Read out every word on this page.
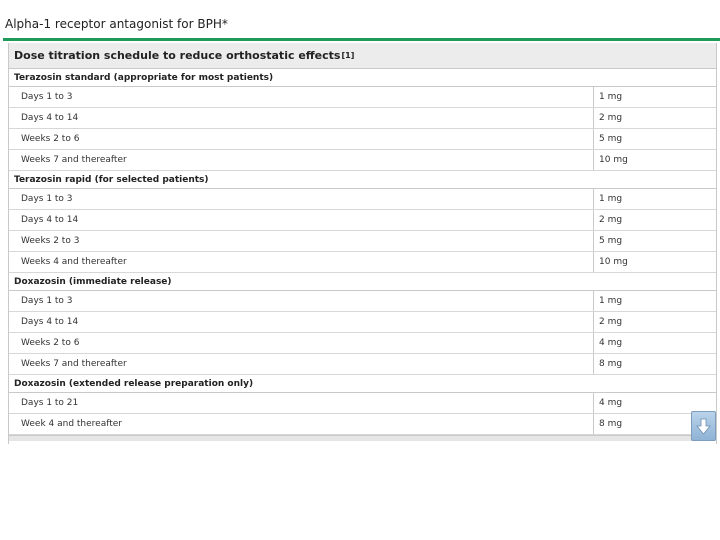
Alpha-1 receptor antagonist for BPH*
Dose titration schedule to reduce orthostatic effects [1]
Terazosin standard (appropriate for most patients)
Days 1 to 3	1 mg
Days 4 to 14	2 mg
Weeks 2 to 6	5 mg
Weeks 7 and thereafter	10 mg
Terazosin rapid (for selected patients)
Days 1 to 3	1 mg
Days 4 to 14	2 mg
Weeks 2 to 3	5 mg
Weeks 4 and thereafter	10 mg
Doxazosin (immediate release)
Days 1 to 3	1 mg
Days 4 to 14	2 mg
Weeks 2 to 6	4 mg
Weeks 7 and thereafter	8 mg
Doxazosin (extended release preparation only)
Days 1 to 21	4 mg
Week 4 and thereafter	8 mg
